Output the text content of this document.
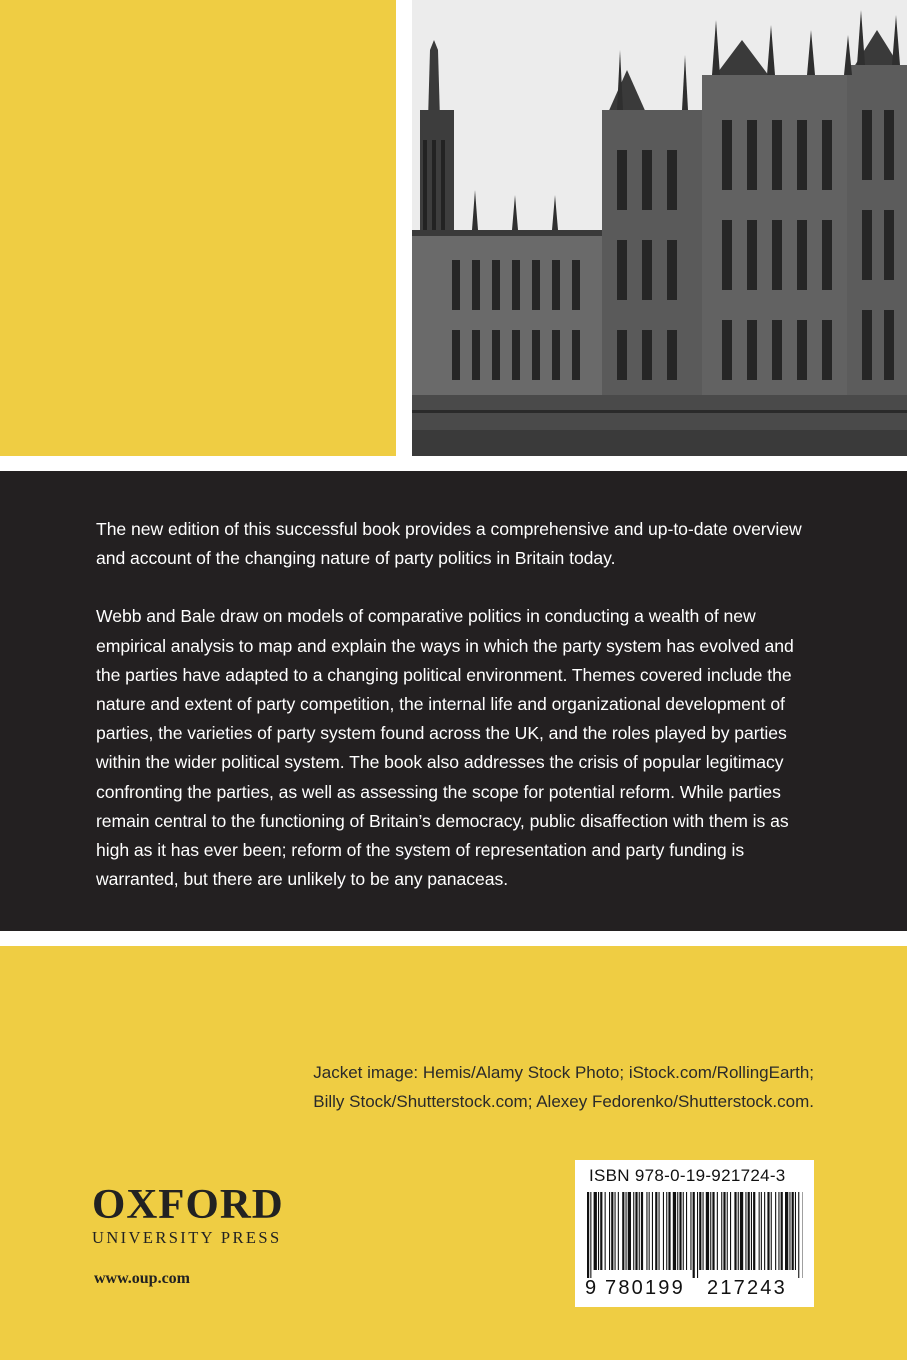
The new edition of this successful book provides a comprehensive and up-to-date overview and account of the changing nature of party politics in Britain today.

Webb and Bale draw on models of comparative politics in conducting a wealth of new empirical analysis to map and explain the ways in which the party system has evolved and the parties have adapted to a changing political environment. Themes covered include the nature and extent of party competition, the internal life and organizational development of parties, the varieties of party system found across the UK, and the roles played by parties within the wider political system. The book also addresses the crisis of popular legitimacy confronting the parties, as well as assessing the scope for potential reform. While parties remain central to the functioning of Britain’s democracy, public disaffection with them is as high as it has ever been; reform of the system of representation and party funding is warranted, but there are unlikely to be any panaceas.

Jacket image: Hemis/Alamy Stock Photo; iStock.com/RollingEarth;
Billy Stock/Shutterstock.com; Alexey Fedorenko/Shutterstock.com.
OXFORD
UNIVERSITY PRESS
www.oup.com
ISBN 978-0-19-921724-3
9 780199 217243
